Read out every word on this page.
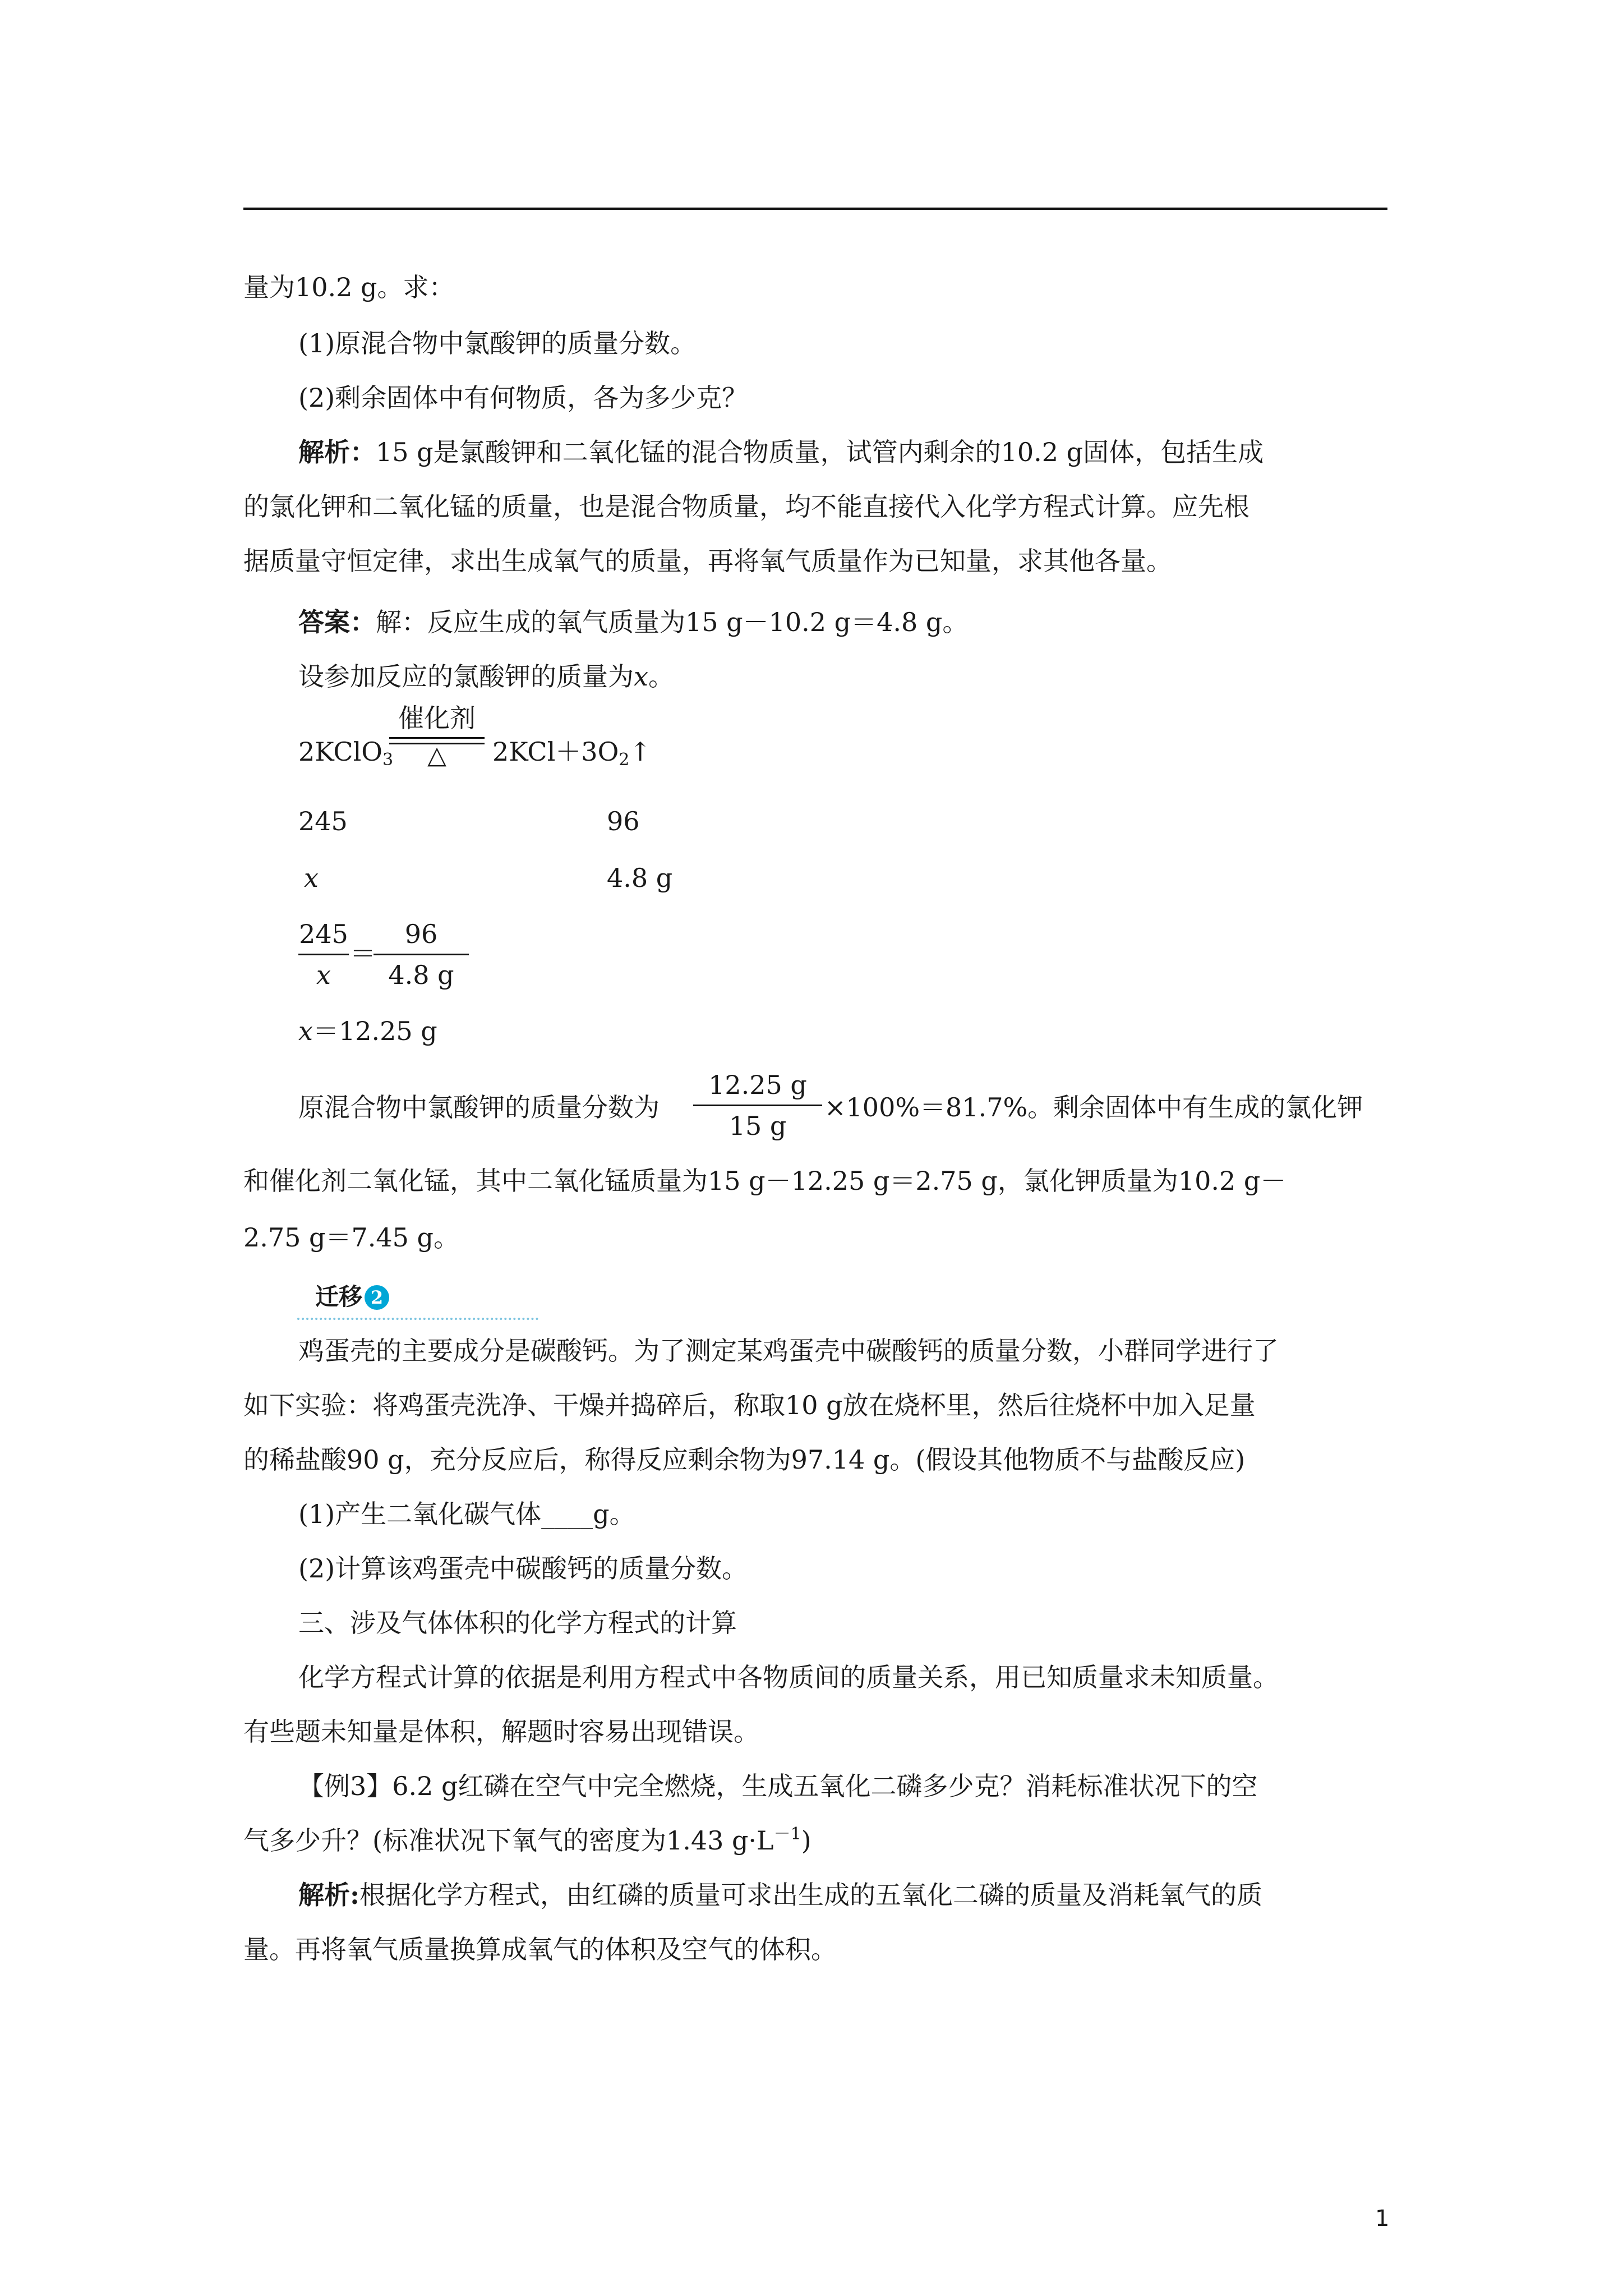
量为10.2 g。求：
(1)原混合物中氯酸钾的质量分数。
(2)剩余固体中有何物质，各为多少克？
解析：15 g是氯酸钾和二氧化锰的混合物质量，试管内剩余的10.2 g固体，包括生成
的氯化钾和二氧化锰的质量，也是混合物质量，均不能直接代入化学方程式计算。应先根
据质量守恒定律，求出生成氧气的质量，再将氧气质量作为已知量，求其他各量。
答案：解：反应生成的氧气质量为15 g－10.2 g＝4.8 g。
设参加反应的氯酸钾的质量为x。
2KClO$_3$
催化剂
△	$2KCl+3O_2↑$
245	96
x	4.8 g
245
x
＝
96
4.8 g
x＝12.25 g
原混合物中氯酸钾的质量分数为
12.25 g
15 g
×100%＝81.7%。剩余固体中有生成的氯化钾
和催化剂二氧化锰，其中二氧化锰质量为15 g－12.25 g＝2.75 g，氯化钾质量为10.2 g－
2.75 g＝7.45 g。
迁移 2
鸡蛋壳的主要成分是碳酸钙。为了测定某鸡蛋壳中碳酸钙的质量分数，小群同学进行了
如下实验：将鸡蛋壳洗净、干燥并捣碎后，称取10 g放在烧杯里，然后往烧杯中加入足量
的稀盐酸90 g，充分反应后，称得反应剩余物为97.14 g。(假设其他物质不与盐酸反应)
(1)产生二氧化碳气体____g。
(2)计算该鸡蛋壳中碳酸钙的质量分数。
三、涉及气体体积的化学方程式的计算
化学方程式计算的依据是利用方程式中各物质间的质量关系，用已知质量求未知质量。
有些题未知量是体积，解题时容易出现错误。
【例3】6.2 g红磷在空气中完全燃烧，生成五氧化二磷多少克？消耗标准状况下的空
气多少升？(标准状况下氧气的密度为1.43 $g\cdot L^{-1}$)
解析:根据化学方程式，由红磷的质量可求出生成的五氧化二磷的质量及消耗氧气的质
量。再将氧气质量换算成氧气的体积及空气的体积。
1
